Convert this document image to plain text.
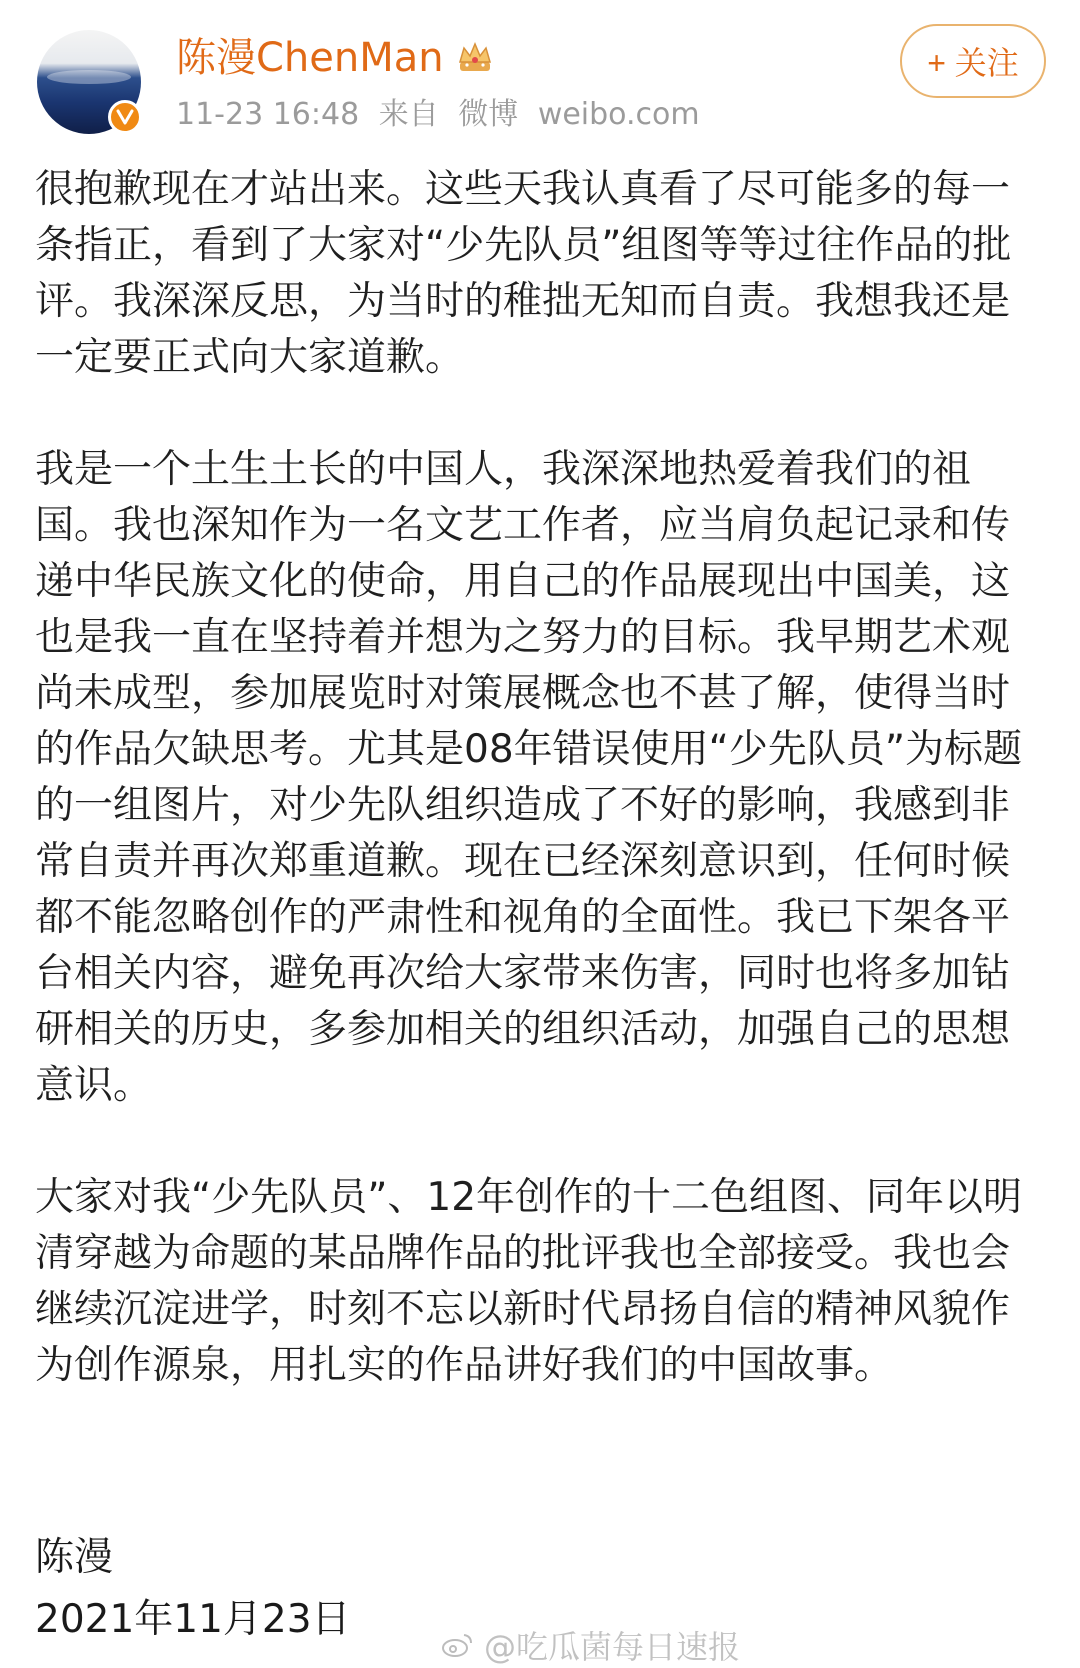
陈漫ChenMan
11-23 16:48 来自 微博 weibo.com
+ 关注

很抱歉现在才站出来。这些天我认真看了尽可能多的每一条指正，看到了大家对“少先队员”组图等等过往作品的批评。我深深反思，为当时的稚拙无知而自责。我想我还是一定要正式向大家道歉。

我是一个土生土长的中国人，我深深地热爱着我们的祖国。我也深知作为一名文艺工作者，应当肩负起记录和传递中华民族文化的使命，用自己的作品展现出中国美，这也是我一直在坚持着并想为之努力的目标。我早期艺术观尚未成型，参加展览时对策展概念也不甚了解，使得当时的作品欠缺思考。尤其是08年错误使用“少先队员”为标题的一组图片，对少先队组织造成了不好的影响，我感到非常自责并再次郑重道歉。现在已经深刻意识到，任何时候都不能忽略创作的严肃性和视角的全面性。我已下架各平台相关内容，避免再次给大家带来伤害，同时也将多加钻研相关的历史，多参加相关的组织活动，加强自己的思想意识。

大家对我“少先队员”、12年创作的十二色组图、同年以明清穿越为命题的某品牌作品的批评我也全部接受。我也会继续沉淀进学，时刻不忘以新时代昂扬自信的精神风貌作为创作源泉，用扎实的作品讲好我们的中国故事。

陈漫
2021年11月23日
@吃瓜菌每日速报
